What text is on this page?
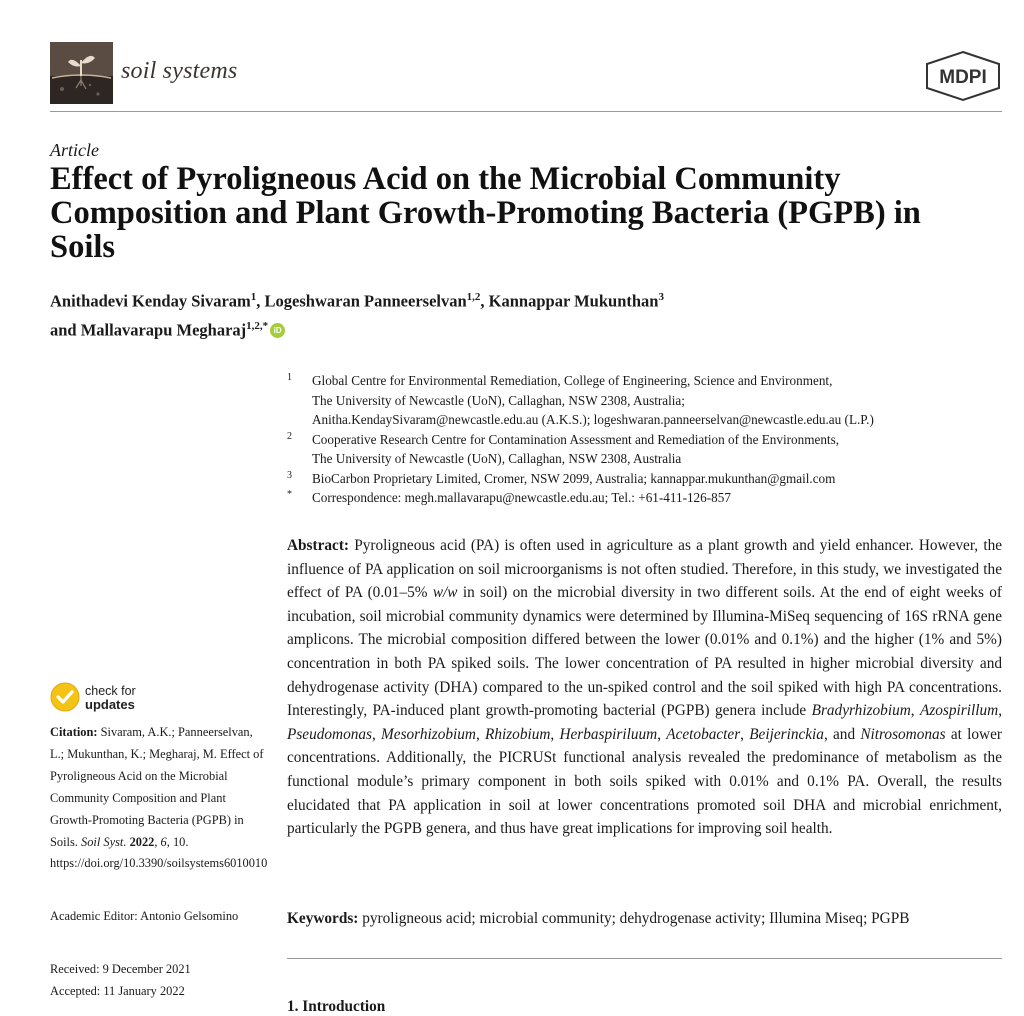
soil systems	MDPI
Article
Effect of Pyroligneous Acid on the Microbial Community Composition and Plant Growth-Promoting Bacteria (PGPB) in Soils
Anithadevi Kenday Sivaram$^1$, Logeshwaran Panneerselvan$^{1,2}$, Kannappar Mukunthan$^3$
and Mallavarapu Megharaj$^{1,2,*}$ iD
1	Global Centre for Environmental Remediation, College of Engineering, Science and Environment,
The University of Newcastle (UoN), Callaghan, NSW 2308, Australia;
Anitha.KendaySivaram@newcastle.edu.au (A.K.S.); logeshwaran.panneerselvan@newcastle.edu.au (L.P.)
2	Cooperative Research Centre for Contamination Assessment and Remediation of the Environments,
The University of Newcastle (UoN), Callaghan, NSW 2308, Australia
3	BioCarbon Proprietary Limited, Cromer, NSW 2099, Australia; kannappar.mukunthan@gmail.com
*	Correspondence: megh.mallavarapu@newcastle.edu.au; Tel.: +61-411-126-857
Abstract: Pyroligneous acid (PA) is often used in agriculture as a plant growth and yield enhancer. However, the influence of PA application on soil microorganisms is not often studied. Therefore, in this study, we investigated the effect of PA (0.01–5% w/w in soil) on the microbial diversity in two different soils. At the end of eight weeks of incubation, soil microbial community dynamics were determined by Illumina-MiSeq sequencing of 16S rRNA gene amplicons. The microbial composition differed between the lower (0.01% and 0.1%) and the higher (1% and 5%) concentration in both PA spiked soils. The lower concentration of PA resulted in higher microbial diversity and dehydrogenase activity (DHA) compared to the un-spiked control and the soil spiked with high PA concentrations. Interestingly, PA-induced plant growth-promoting bacterial (PGPB) genera include Bradyrhizobium, Azospirillum, Pseudomonas, Mesorhizobium, Rhizobium, Herbaspiriluum, Acetobacter, Beijerinckia, and Nitrosomonas at lower concentrations. Additionally, the PICRUSt functional analysis revealed the predominance of metabolism as the functional module’s primary component in both soils spiked with 0.01% and 0.1% PA. Overall, the results elucidated that PA application in soil at lower concentrations promoted soil DHA and microbial enrichment, particularly the PGPB genera, and thus have great implications for improving soil health.
Keywords: pyroligneous acid; microbial community; dehydrogenase activity; Illumina Miseq; PGPB
1. Introduction
check for
updates
Citation: Sivaram, A.K.; Panneerselvan, L.; Mukunthan, K.; Megharaj, M. Effect of Pyroligneous Acid on the Microbial Community Composition and Plant Growth-Promoting Bacteria (PGPB) in Soils. Soil Syst. 2022, 6, 10. https://doi.org/10.3390/soilsystems6010010
Academic Editor: Antonio Gelsomino
Received: 9 December 2021
Accepted: 11 January 2022
